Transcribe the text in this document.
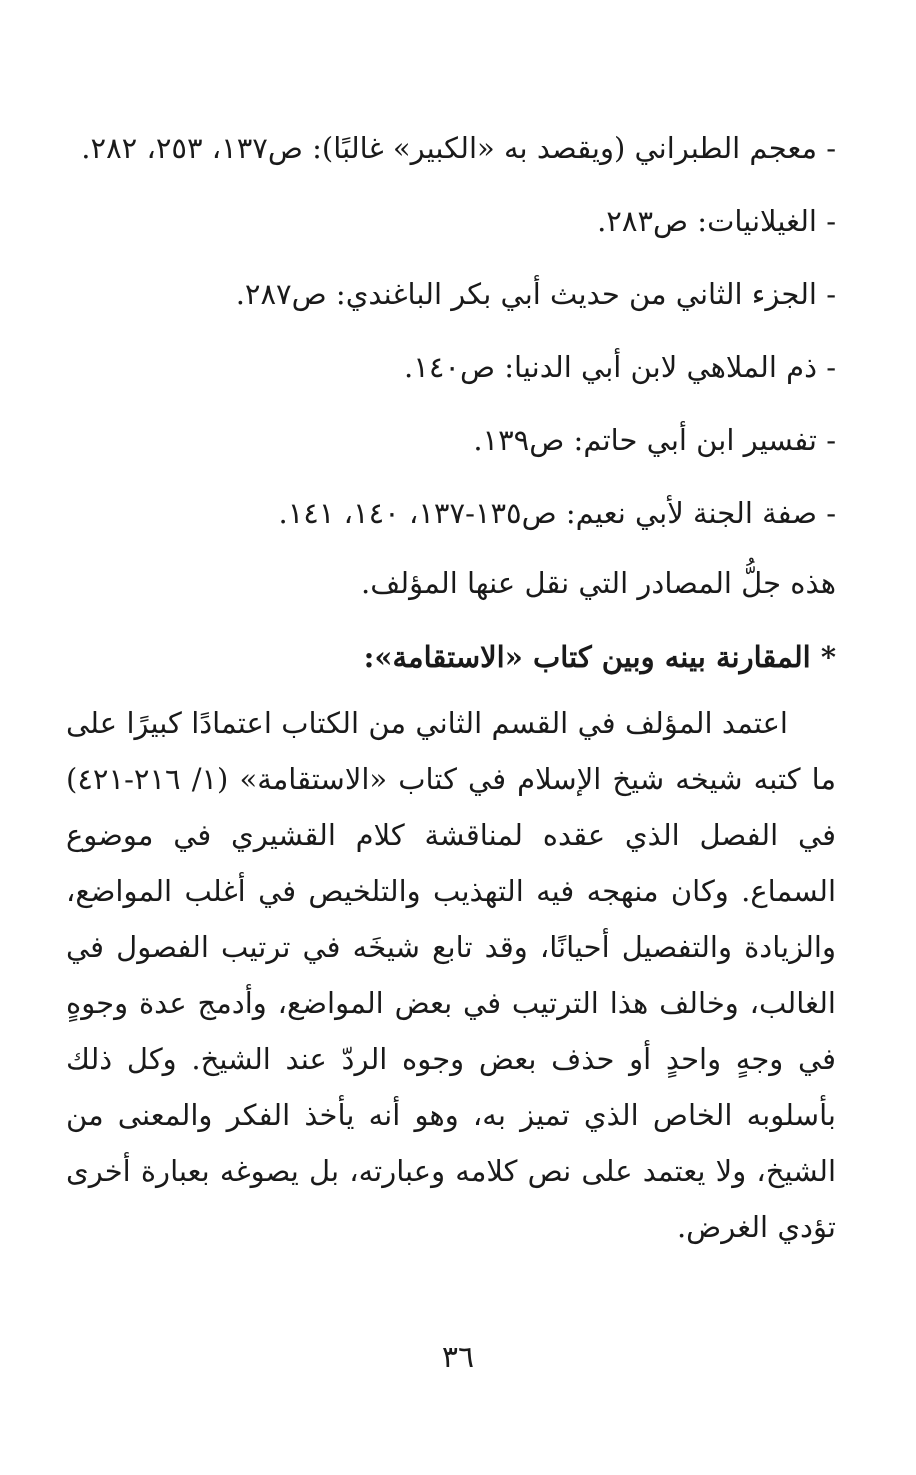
- معجم الطبراني (ويقصد به «الكبير» غالبًا): ص١٣٧، ٢٥٣، ٢٨٢.

- الغيلانيات: ص٢٨٣.

- الجزء الثاني من حديث أبي بكر الباغندي: ص٢٨٧.

- ذم الملاهي لابن أبي الدنيا: ص١٤٠.

- تفسير ابن أبي حاتم: ص١٣٩.

- صفة الجنة لأبي نعيم: ص١٣٥-١٣٧، ١٤٠، ١٤١.

هذه جلُّ المصادر التي نقل عنها المؤلف.

* المقارنة بينه وبين كتاب «الاستقامة»:

اعتمد المؤلف في القسم الثاني من الكتاب اعتمادًا كبيرًا على ما كتبه شيخه شيخ الإسلام في كتاب «الاستقامة» (١/ ٢١٦-٤٢١) في الفصل الذي عقده لمناقشة كلام القشيري في موضوع السماع. وكان منهجه فيه التهذيب والتلخيص في أغلب المواضع، والزيادة والتفصيل أحيانًا، وقد تابع شيخَه في ترتيب الفصول في الغالب، وخالف هذا الترتيب في بعض المواضع، وأدمج عدة وجوهٍ في وجهٍ واحدٍ أو حذف بعض وجوه الردّ عند الشيخ. وكل ذلك بأسلوبه الخاص الذي تميز به، وهو أنه يأخذ الفكر والمعنى من الشيخ، ولا يعتمد على نص كلامه وعبارته، بل يصوغه بعبارة أخرى تؤدي الغرض.

٣٦
